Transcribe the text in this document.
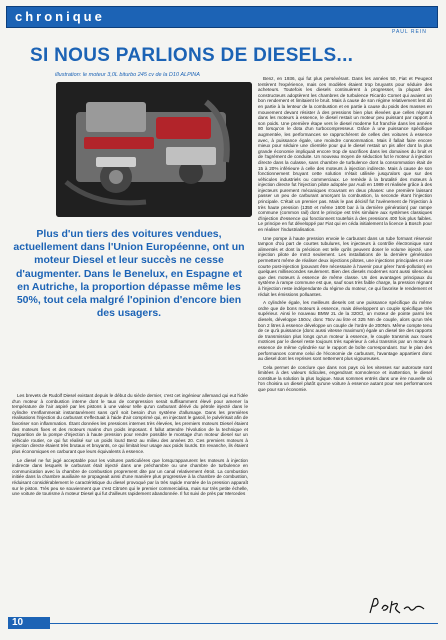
chronique
PAUL REIN
SI NOUS PARLIONS DE DIESELS...
illustration: le moteur 3,0L biturbo 245 cv de la D10 ALPINA
Plus d'un tiers des voitures vendues, actuellement dans l'Union Européenne, ont un moteur Diesel et leur succès ne cesse d'augmenter. Dans le Benelux, en Espagne et en Autriche, la proportion dépasse même les 50%, tout cela malgré l'opinion d'encore bien des usagers.

Les brevets de Rudolf Diesel existant depuis le début du siècle dernier, c'est cet ingénieur allemand qui eut l'idée d'un moteur à combustion interne dont le taux de compression serait suffisamment élevé pour amener la température de l'air aspiré par les pistons à une valeur telle qu'un carburant dérivé du pétrole injecté dans le cylindre s'enflammerait instantanément sans qu'il soit besoin d'un système d'allumage. Dans les premières réalisations l'injection du carburant s'effectuait à l'aide d'air comprimé qui, en injectant le gasoil, le pulvérisait afin de favoriser son inflammation. Étant données les pressions internes très élevées, les premiers moteurs Diesel étaient des moteurs fixes et des moteurs marins d'un poids imposant. Il fallut attendre l'évolution de la technique et l'apparition de la pompe d'injection à haute pression pour rendre possible le montage d'un moteur diesel sur un véhicule routier, ce qui fut réalisé sur un poids lourd Benz au milieu des années 20. Ces premiers moteurs à injection directe étaient très brutaux et bruyants, ce qui limitait leur usage aux poids lourds. En revanche, ils étaient plus économiques en carburant que leurs équivalents à essence.

Le diesel ne fut jugé acceptable pour les voitures particulières que lorsqu'apparurent les moteurs à injection indirecte dans lesquels le carburant était injecté dans une préchambre ou une chambre de turbulence en communication avec la chambre de combustion proprement dite par un canal relativement étroit. La combustion initiée dans la chambre auxiliaire se propageait ainsi d'une manière plus progressive à la chambre de combustion, réduisant considérablement le caractéristique du diesel provoqué par la très rapide montée de la pression apparaît sur le piston. Très peu se souviennent que c'est Citroën qui le premier commercialisa, mais sur très petite échelle, une voiture de tourisme à moteur Diesel qui fut d'ailleurs rapidement abandonnée. Il fut suivi de près par Mercedes

Benz, en 1936, qui fut plus persévérant. Dans les années 50, Fiat et Peugeot tentèrent l'expérience, mais ces modèles étaient trop bruyants pour séduire des acheteurs. Toutefois les diesels continuèrent à progresser, la plupart des constructeurs adoptèrent les chambres de turbulence Ricardo Comet qui avaient un bon rendement et limitaient le bruit. Mais à cause de son régime relativement lent dû en partie à la lenteur de la combustion et en partie à cause du poids des masses en mouvement devant résister à des pressions bien plus élevées que celles régnant dans les moteurs à essence, le diesel restait un moteur peu puissant par rapport à son poids. Une première étape vers le diesel moderne fut franchie dans les années 80 lorsqu'on le dota d'un turbocompresseur. Grâce à une puissance spécifique augmentée, les performances se rapprochèrent de celles des voitures à essence avec, à puissance égale, une moindre consommation. Mais il fallait faire encore mieux pour séduire une clientèle pour qui le diesel restait un pis aller dont la plus grande économie impliquait encore trop de sacrifices dans les domaines du bruit et de l'agrément de conduite. Un nouveau moyen de séduction fut le moteur à injection directe dans la culasse, sans chambre de turbulence dont la consommation était de 15 à 20% inférieure à celle des moteurs à injection indirecte. Mais à cause de son fonctionnement bruyant cette solution n'était utilisée jusqu'alors que sur des véhicules industriels ou commerciaux. Le remède à la brutalité des moteurs à injection directe fut l'injection pilote adoptée par Audi en 1989 et réalisée grâce à des injecteurs purement mécaniques s'ouvrant en deux phases: une première laissant passer un peu de carburant amorçant la combustion, la seconde étant l'injection principale. C'était un premier pas. Mais le pas décisif fut l'avènement de l'injection à très haute pression (1350 et même 1600 bar à la dernière génération) par rampe commune (common rail) dont le principe est très similaire aux systèmes classiques d'injection d'essence qui fonctionnent toutefois à des pressions 400 fois plus faibles. Le principe en fut développé par Fiat qui en céda initialement la licence à Bosch pour en réaliser l'industrialisation.

Une pompe à haute pression envoie le carburant dans un tube formant réservoir tampon d'où part de courtes tubulures, les injecteurs à contrôle électronique sont alimentés et dont la précision est telle qu'ils peuvent doser le volume injecté, une injection pilote de mm3 seulement. Les installations de la dernière génération permettent même de réaliser deux injections pilotes, une injections principales et une courte post-injection (pouvant être nécessaire à l'avenir pour gérer l'anti-pollution) en quelques millisecondes seulement. Bien des diesels modernes sont aussi silencieux que des moteurs à essence de même classe. Un des avantages principaux du système à rampe commune est que, sauf sous très faible charge, la pression régnant à l'injection reste indépendante du régime du moteur, ce qui favorise le rendement et réduit les émissions polluantes.

A cylindrée égale, les meilleurs diesels ont une puissance spécifique du même ordre que de bons moteurs à essence, mais développent un couple spécifique très supérieur. Ainsi le nouveau BMW 2L de la 320Cl, un moteur de pointe parmi les diesels, développe 150cv, donc 75cv au litre et 325 Nm de couple, alors qu'un très bon 2 litres à essence développe un couple de l'ordre de 200Nm. Même compte tenu de ce qu'à puissance (donc aussi vitesse maximum) égale un diesel tire des rapports de transmission plus longs qu'un moteur à essence, le couple transmis aux roues motrices par le diesel reste toujours très supérieur à celui transmis par un moteur à essence de même cylindrée sur le rapport de boîte correspondant. Sur le plan des performances comme celui de l'économie de carburant, l'avantage appartient donc au diesel dont les reprises sont nettement plus vigoureuses.

Cela permet de conclure que dans nos pays où les vitesses sur autoroute sont limitées à des valeurs ridicules, engendrant somnolence et inattention, le diesel constitue la solution la plus logique. Nous sommes entrés dans une ère nouvelle où l'on choisira un diesel plutôt qu'une voiture à essence autant pour ses performances que pour son économie.

10
